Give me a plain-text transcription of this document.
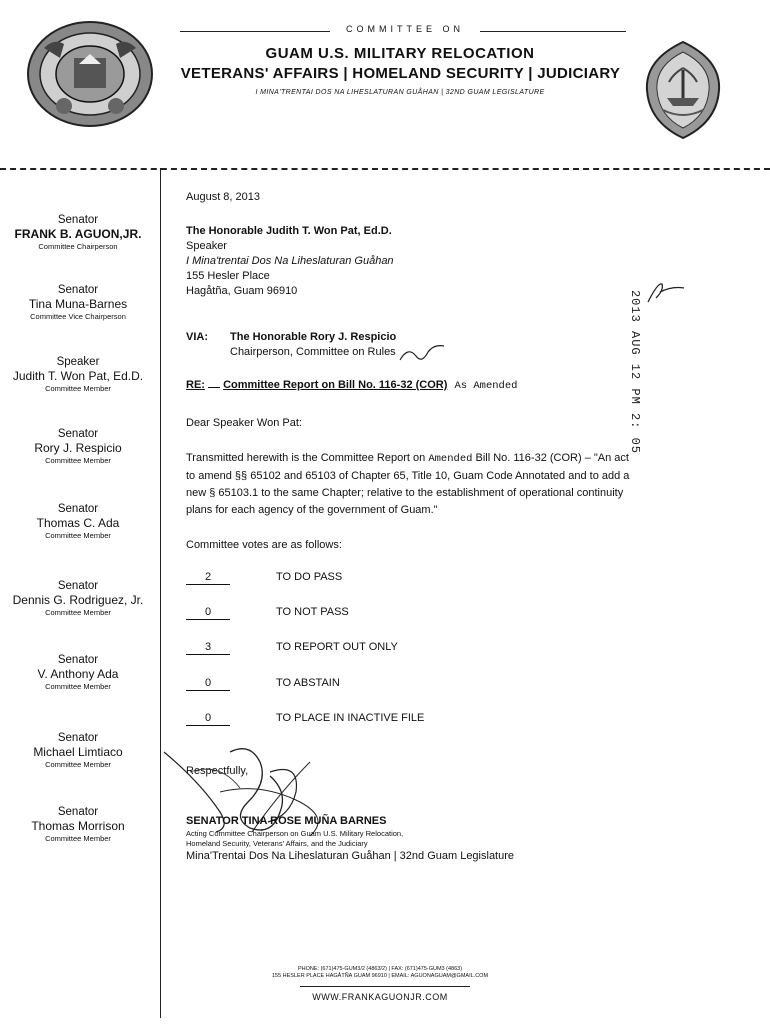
COMMITTEE ON
GUAM U.S. MILITARY RELOCATION
VETERANS' AFFAIRS | HOMELAND SECURITY | JUDICIARY
I MINA'TRENTAI DOS NA LIHESLATURAN GUÅHAN | 32ND GUAM LEGISLATURE
Senator
FRANK B. AGUON,JR.
Committee Chairperson
Senator
Tina Muna-Barnes
Committee Vice Chairperson
Speaker
Judith T. Won Pat, Ed.D.
Committee Member
Senator
Rory J. Respicio
Committee Member
Senator
Thomas C. Ada
Committee Member
Senator
Dennis G. Rodriguez, Jr.
Committee Member
Senator
V. Anthony Ada
Committee Member
Senator
Michael Limtiaco
Committee Member
Senator
Thomas Morrison
Committee Member
August 8, 2013
The Honorable Judith T. Won Pat, Ed.D.
Speaker
I Mina'trentai Dos Na Liheslaturan Guåhan
155 Hesler Place
Hagåtña, Guam 96910
VIA: The Honorable Rory J. Respicio
Chairperson, Committee on Rules
RE: Committee Report on Bill No. 116-32 (COR) As Amended
Dear Speaker Won Pat:
Transmitted herewith is the Committee Report on Amended Bill No. 116-32 (COR) – "An act
to amend §§ 65102 and 65103 of Chapter 65, Title 10, Guam Code Annotated and to add a
new § 65103.1 to the same Chapter; relative to the establishment of operational continuity
plans for each agency of the government of Guam."
Committee votes are as follows:
2	TO DO PASS
0	TO NOT PASS
3	TO REPORT OUT ONLY
0	TO ABSTAIN
0	TO PLACE IN INACTIVE FILE
Respectfully,
SENATOR TINA ROSE MUÑA BARNES
Acting Committee Chairperson on Guam U.S. Military Relocation,
Homeland Security, Veterans' Affairs, and the Judiciary
Mina'Trentai Dos Na Liheslaturan Guåhan | 32nd Guam Legislature
2013 AUG 12 PM 2: 05
PHONE: (671)475-GUM3/2 (4863/2) | FAX: (671)475-GUM3 (4863)
155 HESLER PLACE HAGÅTÑA GUAM 96910 | EMAIL: AGUONAGUAM@GMAIL.COM
WWW.FRANKAGUONJR.COM
